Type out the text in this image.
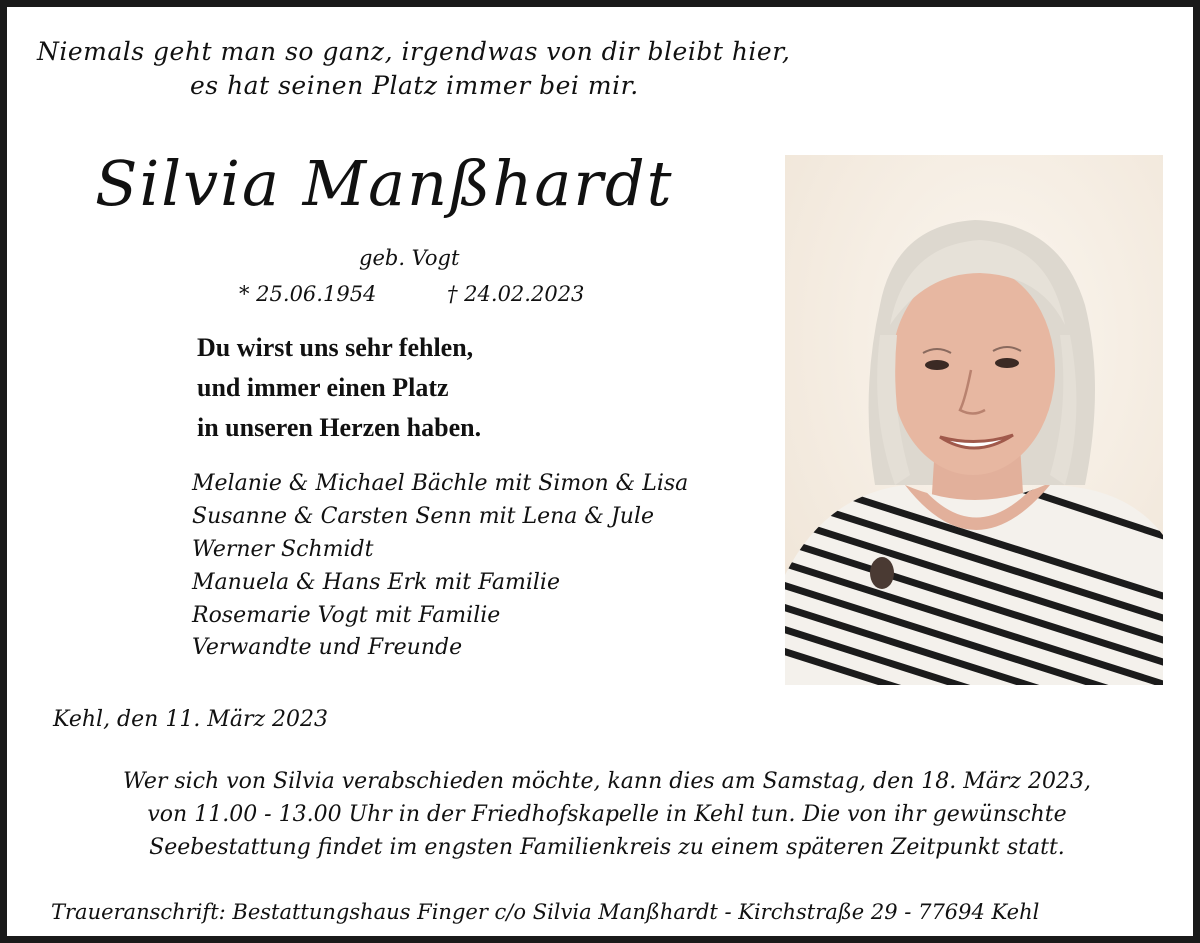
Niemals geht man so ganz, irgendwas von dir bleibt hier,
es hat seinen Platz immer bei mir.
Silvia Manßhardt
geb. Vogt
* 25.06.1954	† 24.02.2023
Du wirst uns sehr fehlen,
und immer einen Platz
in unseren Herzen haben.
Melanie & Michael Bächle mit Simon & Lisa
Susanne & Carsten Senn mit Lena & Jule
Werner Schmidt
Manuela & Hans Erk mit Familie
Rosemarie Vogt mit Familie
Verwandte und Freunde
Kehl, den 11. März 2023
Wer sich von Silvia verabschieden möchte, kann dies am Samstag, den 18. März 2023,
von 11.00 - 13.00 Uhr in der Friedhofskapelle in Kehl tun. Die von ihr gewünschte
Seebestattung findet im engsten Familienkreis zu einem späteren Zeitpunkt statt.
Traueranschrift: Bestattungshaus Finger c/o Silvia Manßhardt - Kirchstraße 29 - 77694 Kehl
